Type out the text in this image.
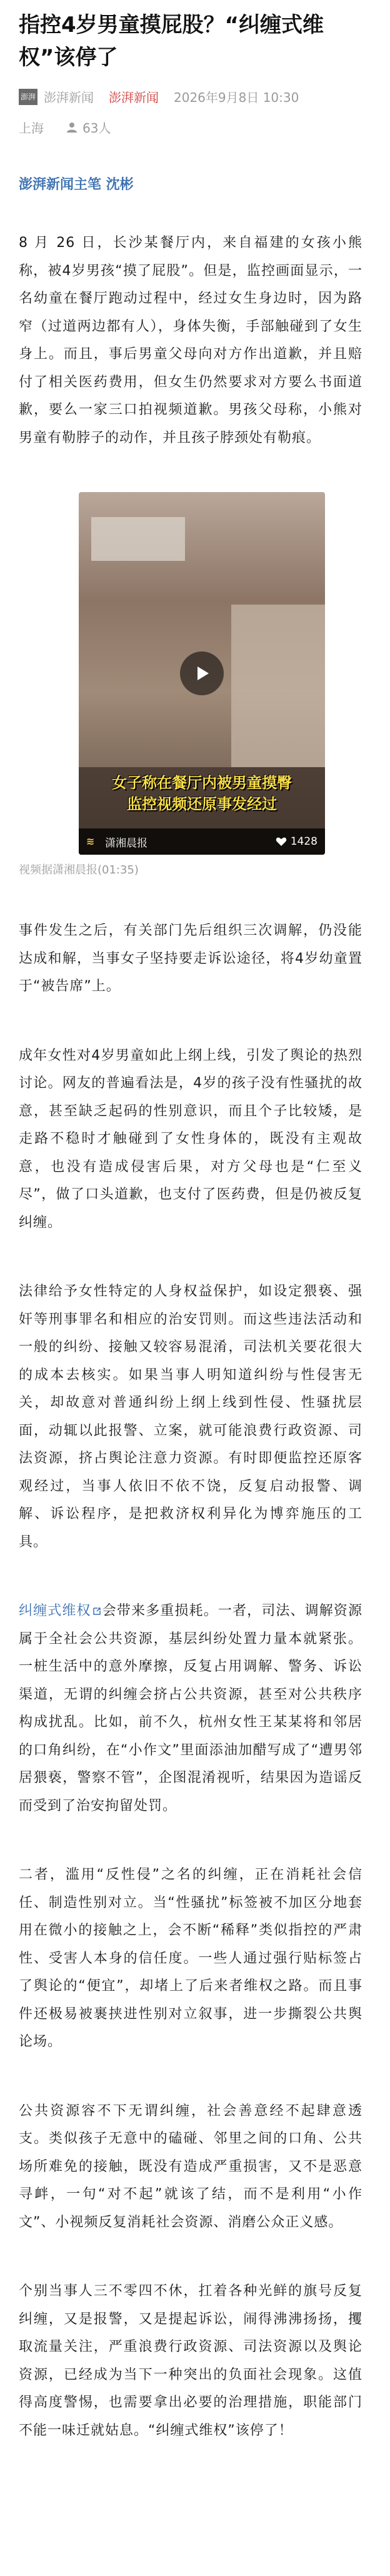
指控4岁男童摸屁股？“纠缠式维权”该停了
澎湃 澎湃新闻 澎湃新闻 2026年9月8日 10:30
上海	63人
澎湃新闻主笔 沈彬

8 月 26 日，长沙某餐厅内，来自福建的女孩小熊称，被4岁男孩“摸了屁股”。但是，监控画面显示，一名幼童在餐厅跑动过程中，经过女生身边时，因为路窄（过道两边都有人），身体失衡，手部触碰到了女生身上。而且，事后男童父母向对方作出道歉，并且赔付了相关医药费用，但女生仍然要求对方要么书面道歉，要么一家三口拍视频道歉。男孩父母称，小熊对男童有勒脖子的动作，并且孩子脖颈处有勒痕。

女子称在餐厅内被男童摸臀
监控视频还原事发经过
≋ 潇湘晨报	1428
视频据潇湘晨报(01:35)

事件发生之后，有关部门先后组织三次调解，仍没能达成和解，当事女子坚持要走诉讼途径，将4岁幼童置于“被告席”上。

成年女性对4岁男童如此上纲上线，引发了舆论的热烈讨论。网友的普遍看法是，4岁的孩子没有性骚扰的故意，甚至缺乏起码的性别意识，而且个子比较矮，是走路不稳时才触碰到了女性身体的，既没有主观故意，也没有造成侵害后果，对方父母也是“仁至义尽”，做了口头道歉，也支付了医药费，但是仍被反复纠缠。

法律给予女性特定的人身权益保护，如设定猥亵、强奸等刑事罪名和相应的治安罚则。而这些违法活动和一般的纠纷、接触又较容易混淆，司法机关要花很大的成本去核实。如果当事人明知道纠纷与性侵害无关，却故意对普通纠纷上纲上线到性侵、性骚扰层面，动辄以此报警、立案，就可能浪费行政资源、司法资源，挤占舆论注意力资源。有时即便监控还原客观经过，当事人依旧不依不饶，反复启动报警、调解、诉讼程序，是把救济权利异化为博弈施压的工具。

纠缠式维权 会带来多重损耗。一者，司法、调解资源属于全社会公共资源，基层纠纷处置力量本就紧张。一桩生活中的意外摩擦，反复占用调解、警务、诉讼渠道，无谓的纠缠会挤占公共资源，甚至对公共秩序构成扰乱。比如，前不久，杭州女性王某某将和邻居的口角纠纷，在“小作文”里面添油加醋写成了“遭男邻居猥亵，警察不管”，企图混淆视听，结果因为造谣反而受到了治安拘留处罚。

二者，滥用“反性侵”之名的纠缠，正在消耗社会信任、制造性别对立。当“性骚扰”标签被不加区分地套用在微小的接触之上，会不断“稀释”类似指控的严肃性、受害人本身的信任度。一些人通过强行贴标签占了舆论的“便宜”，却堵上了后来者维权之路。而且事件还极易被裹挟进性别对立叙事，进一步撕裂公共舆论场。

公共资源容不下无谓纠缠，社会善意经不起肆意透支。类似孩子无意中的磕碰、邻里之间的口角、公共场所难免的接触，既没有造成严重损害，又不是恶意寻衅，一句“对不起”就该了结，而不是利用“小作文”、小视频反复消耗社会资源、消磨公众正义感。

个别当事人三不零四不休，扛着各种光鲜的旗号反复纠缠，又是报警，又是提起诉讼，闹得沸沸扬扬，攫取流量关注，严重浪费行政资源、司法资源以及舆论资源，已经成为当下一种突出的负面社会现象。这值得高度警惕，也需要拿出必要的治理措施，职能部门不能一味迁就姑息。“纠缠式维权”该停了！
